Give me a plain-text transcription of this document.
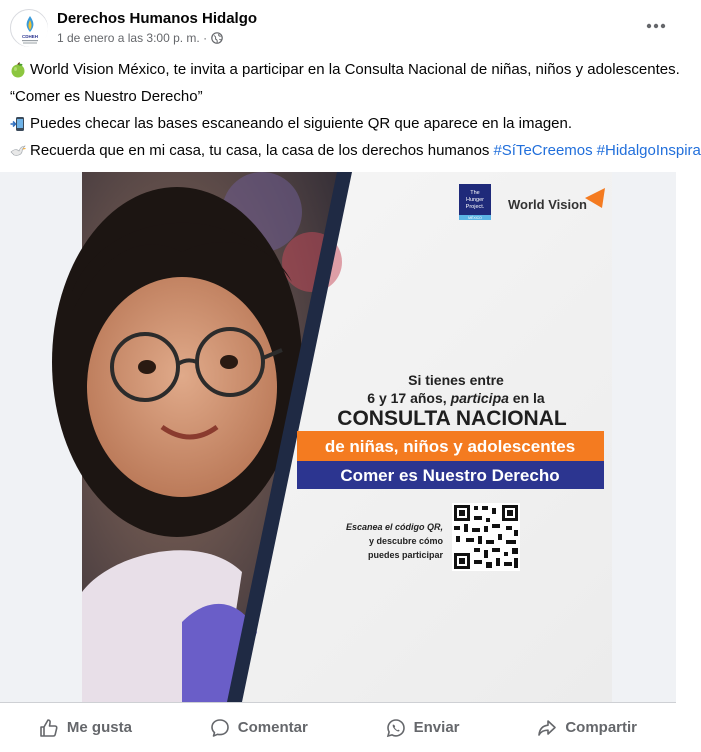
CDHEH
Derechos Humanos Hidalgo
1 de enero a las 3:00 p. m. ·
World Vision México, te invita a participar en la Consulta Nacional de niñas, niños y adolescentes.
“Comer es Nuestro Derecho”
Puedes checar las bases escaneando el siguiente QR que aparece en la imagen.
Recuerda que en mi casa, tu casa, la casa de los derechos humanos #SíTeCreemos #HidalgoInspira
The
Hunger
Project.
MÉXICO
World Vision
Si tienes entre
6 y 17 años, participa en la
CONSULTA NACIONAL
de niñas, niños y adolescentes
Comer es Nuestro Derecho
Escanea el código QR,
y descubre cómo
puedes participar
Me gusta	Comentar	Enviar	Compartir
